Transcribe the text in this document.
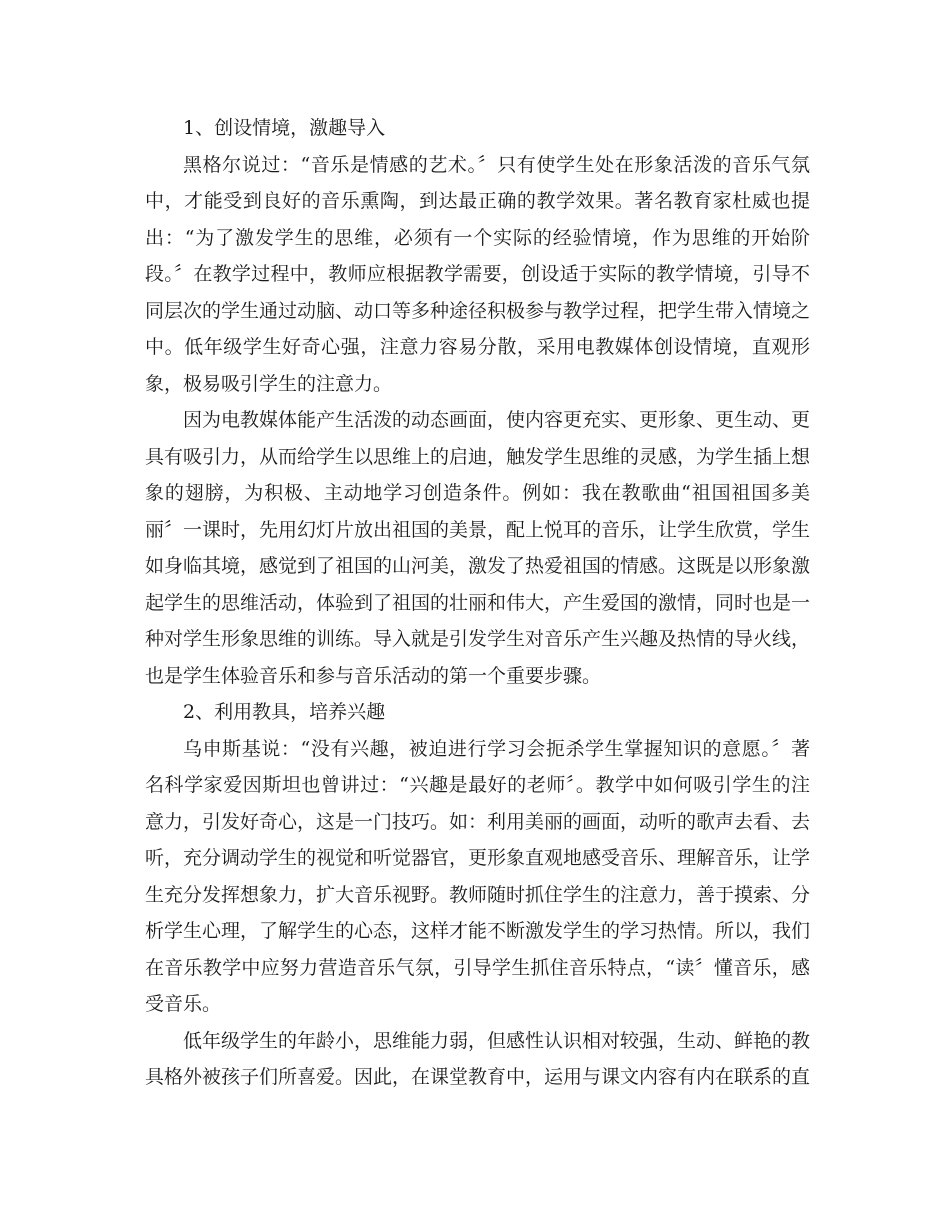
1、创设情境，激趣导入

黑格尔说过：“音乐是情感的艺术。〞只有使学生处在形象活泼的音乐气氛中，才能受到良好的音乐熏陶，到达最正确的教学效果。著名教育家杜威也提出：“为了激发学生的思维，必须有一个实际的经验情境，作为思维的开始阶段。〞在教学过程中，教师应根据教学需要，创设适于实际的教学情境，引导不同层次的学生通过动脑、动口等多种途径积极参与教学过程，把学生带入情境之中。低年级学生好奇心强，注意力容易分散，采用电教媒体创设情境，直观形象，极易吸引学生的注意力。

因为电教媒体能产生活泼的动态画面，使内容更充实、更形象、更生动、更具有吸引力，从而给学生以思维上的启迪，触发学生思维的灵感，为学生插上想象的翅膀，为积极、主动地学习创造条件。例如：我在教歌曲“祖国祖国多美丽〞一课时，先用幻灯片放出祖国的美景，配上悦耳的音乐，让学生欣赏，学生如身临其境，感觉到了祖国的山河美，激发了热爱祖国的情感。这既是以形象激起学生的思维活动，体验到了祖国的壮丽和伟大，产生爱国的激情，同时也是一种对学生形象思维的训练。导入就是引发学生对音乐产生兴趣及热情的导火线，也是学生体验音乐和参与音乐活动的第一个重要步骤。

2、利用教具，培养兴趣

乌申斯基说：“没有兴趣，被迫进行学习会扼杀学生掌握知识的意愿。〞著名科学家爱因斯坦也曾讲过：“兴趣是最好的老师〞。教学中如何吸引学生的注意力，引发好奇心，这是一门技巧。如：利用美丽的画面，动听的歌声去看、去听，充分调动学生的视觉和听觉器官，更形象直观地感受音乐、理解音乐，让学生充分发挥想象力，扩大音乐视野。教师随时抓住学生的注意力，善于摸索、分析学生心理，了解学生的心态，这样才能不断激发学生的学习热情。所以，我们在音乐教学中应努力营造音乐气氛，引导学生抓住音乐特点，“读〞懂音乐，感受音乐。

低年级学生的年龄小，思维能力弱，但感性认识相对较强，生动、鲜艳的教具格外被孩子们所喜爱。因此，在课堂教育中，运用与课文内容有内在联系的直
